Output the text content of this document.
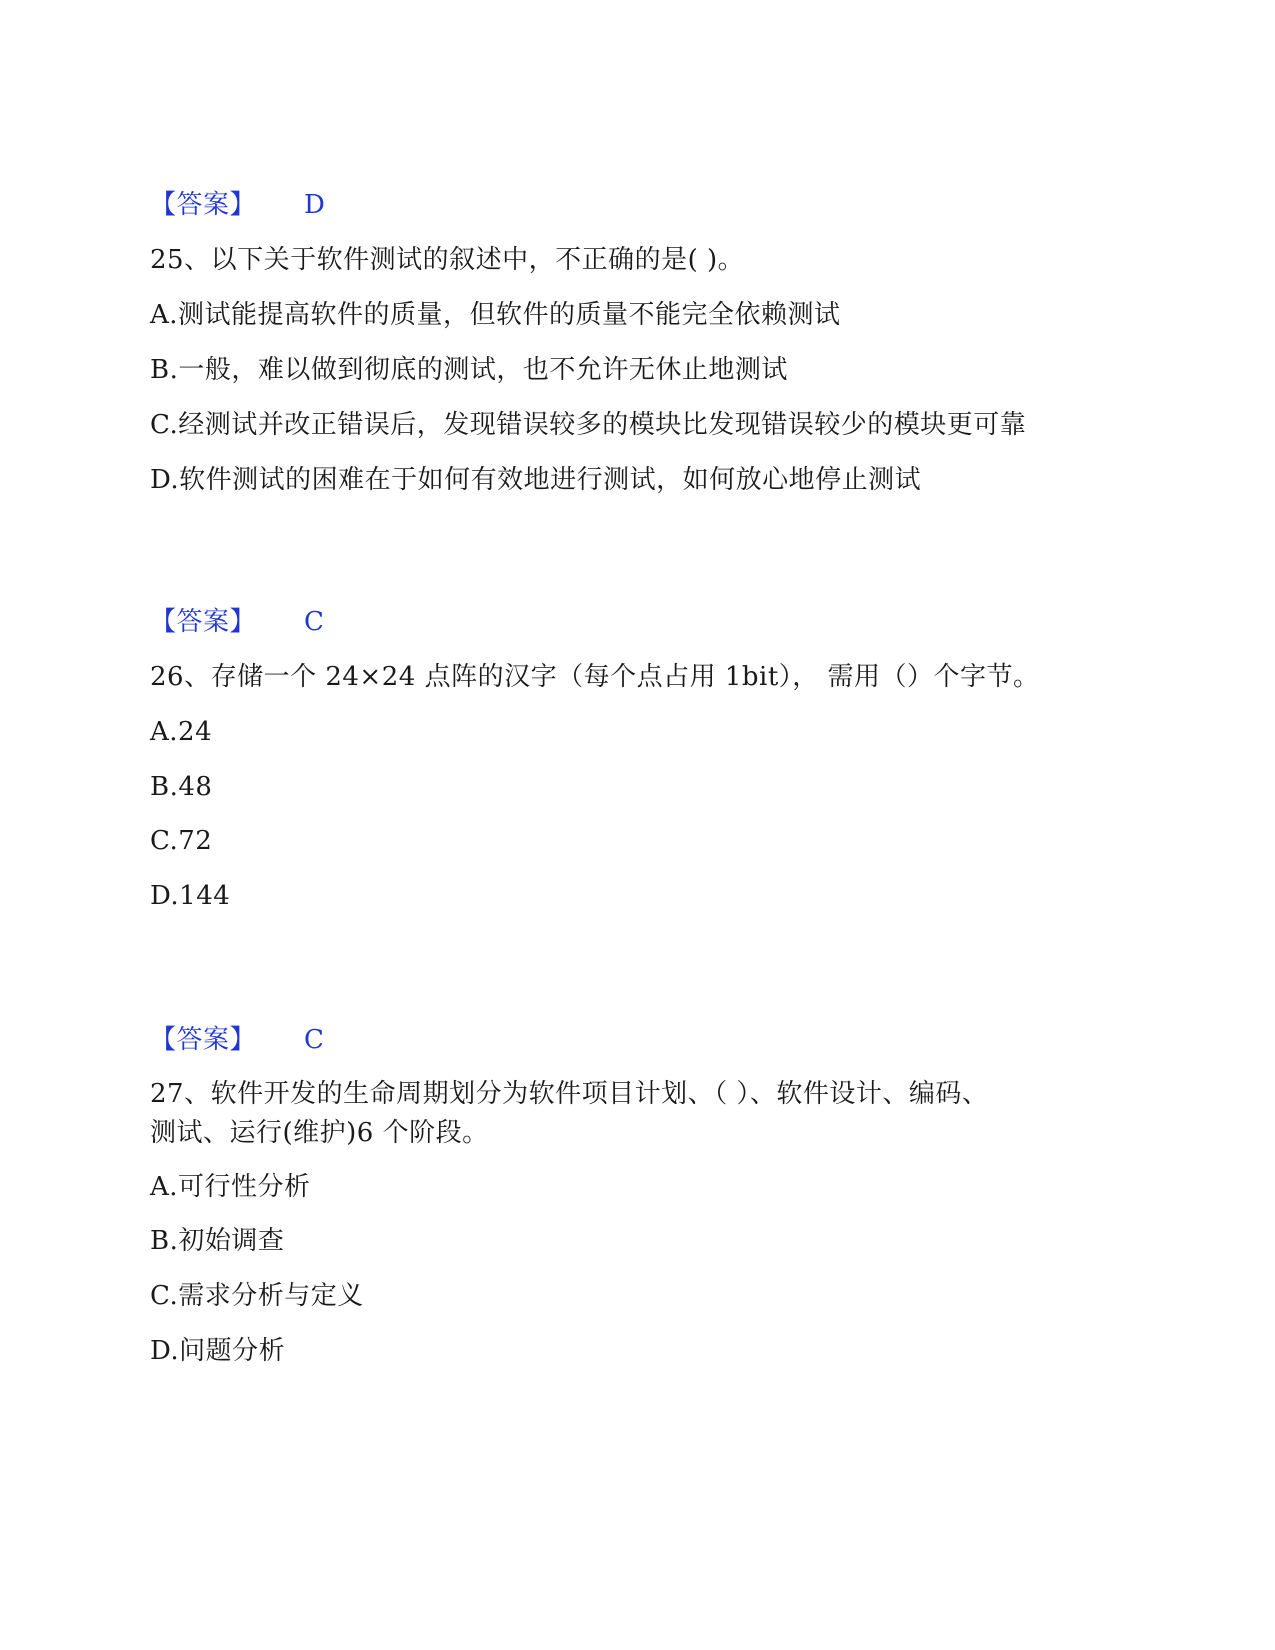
【答案】 D
25、以下关于软件测试的叙述中，不正确的是( )。
A.测试能提高软件的质量，但软件的质量不能完全依赖测试
B.一般，难以做到彻底的测试，也不允许无休止地测试
C.经测试并改正错误后，发现错误较多的模块比发现错误较少的模块更可靠
D.软件测试的困难在于如何有效地进行测试，如何放心地停止测试
【答案】 C
26、存储一个 24×24 点阵的汉字（每个点占用 1bit）， 需用（）个字节。
A.24
B.48
C.72
D.144
【答案】 C
27、软件开发的生命周期划分为软件项目计划、（ ）、软件设计、编码、
测试、运行(维护)6 个阶段。
A.可行性分析
B.初始调查
C.需求分析与定义
D.问题分析
